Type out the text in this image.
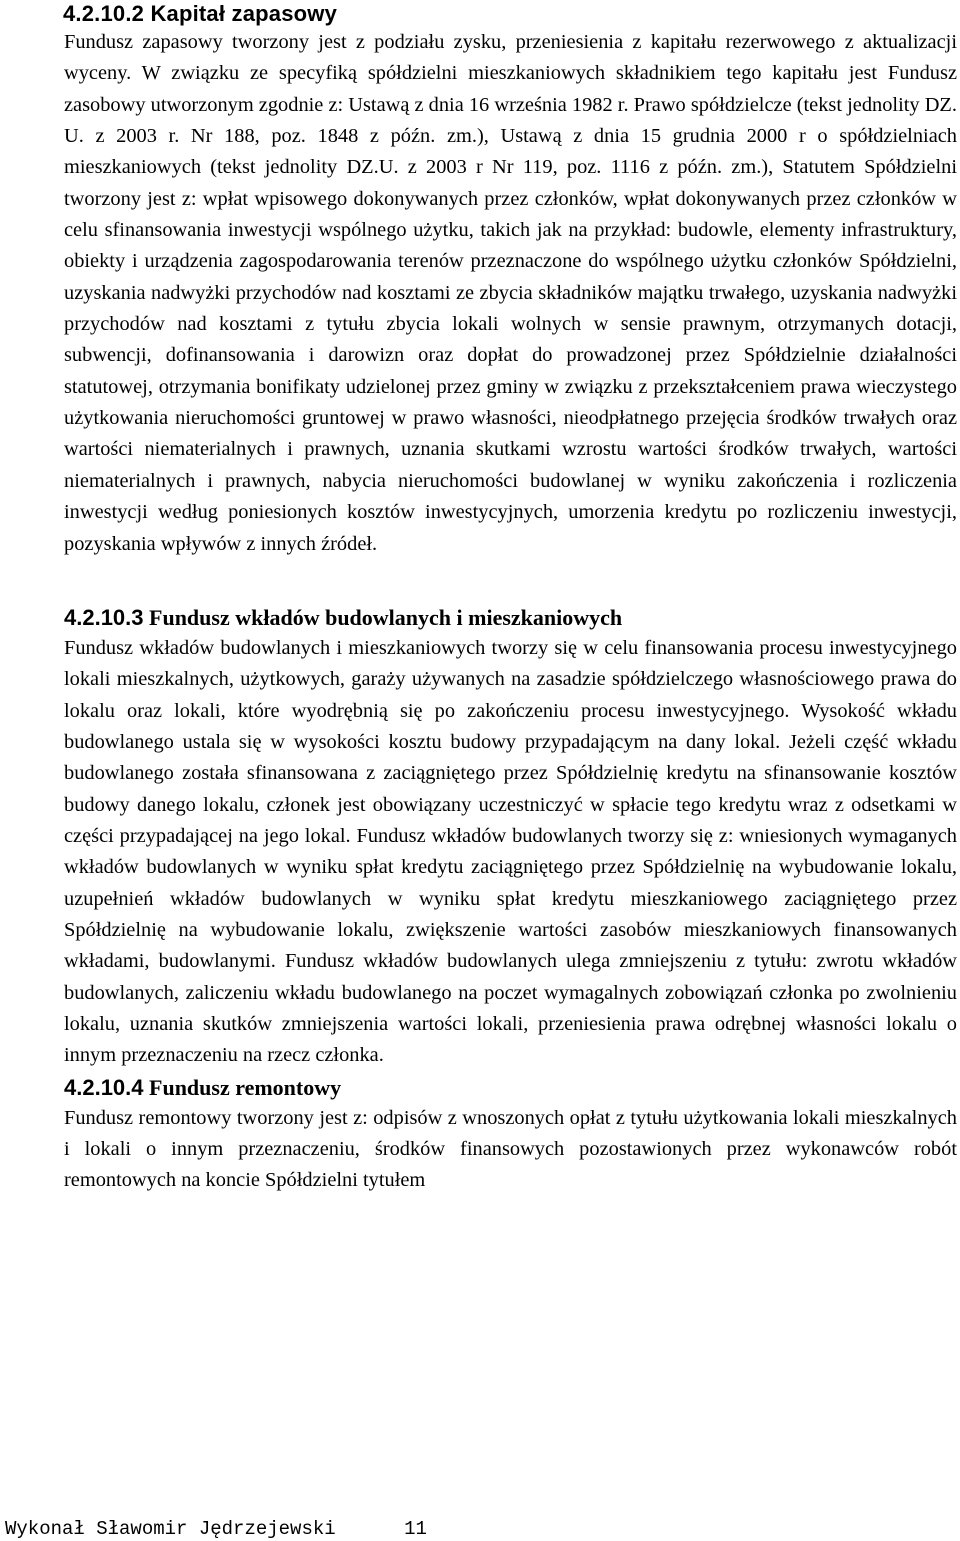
4.2.10.2 Kapitał zapasowy

Fundusz zapasowy tworzony jest z podziału zysku, przeniesienia z kapitału rezerwowego z aktualizacji wyceny. W związku ze specyfiką spółdzielni mieszkaniowych składnikiem tego kapitału jest Fundusz zasobowy utworzonym zgodnie z: Ustawą z dnia 16 września 1982 r. Prawo spółdzielcze (tekst jednolity DZ. U. z 2003 r. Nr 188, poz. 1848 z późn. zm.), Ustawą z dnia 15 grudnia 2000 r o spółdzielniach mieszkaniowych (tekst jednolity DZ.U. z 2003 r Nr 119, poz. 1116 z późn. zm.), Statutem Spółdzielni tworzony jest z: wpłat wpisowego dokonywanych przez członków, wpłat dokonywanych przez członków w celu sfinansowania inwestycji wspólnego użytku, takich jak na przykład: budowle, elementy infrastruktury, obiekty i urządzenia zagospodarowania terenów przeznaczone do wspólnego użytku członków Spółdzielni, uzyskania nadwyżki przychodów nad kosztami ze zbycia składników majątku trwałego, uzyskania nadwyżki przychodów nad kosztami z tytułu zbycia lokali wolnych w sensie prawnym, otrzymanych dotacji, subwencji, dofinansowania i darowizn oraz dopłat do prowadzonej przez Spółdzielnie działalności statutowej, otrzymania bonifikaty udzielonej przez gminy w związku z przekształceniem prawa wieczystego użytkowania nieruchomości gruntowej w prawo własności, nieodpłatnego przejęcia środków trwałych oraz wartości niematerialnych i prawnych, uznania skutkami wzrostu wartości środków trwałych, wartości niematerialnych i prawnych, nabycia nieruchomości budowlanej w wyniku zakończenia i rozliczenia inwestycji według poniesionych kosztów inwestycyjnych, umorzenia kredytu po rozliczeniu inwestycji, pozyskania wpływów z innych źródeł.

4.2.10.3 Fundusz wkładów budowlanych i mieszkaniowych

Fundusz wkładów budowlanych i mieszkaniowych tworzy się w celu finansowania procesu inwestycyjnego lokali mieszkalnych, użytkowych, garaży używanych na zasadzie spółdzielczego własnościowego prawa do lokalu oraz lokali, które wyodrębnią się po zakończeniu procesu inwestycyjnego. Wysokość wkładu budowlanego ustala się w wysokości kosztu budowy przypadającym na dany lokal. Jeżeli część wkładu budowlanego została sfinansowana z zaciągniętego przez Spółdzielnię kredytu na sfinansowanie kosztów budowy danego lokalu, członek jest obowiązany uczestniczyć w spłacie tego kredytu wraz z odsetkami w części przypadającej na jego lokal. Fundusz wkładów budowlanych tworzy się z: wniesionych wymaganych wkładów budowlanych w wyniku spłat kredytu zaciągniętego przez Spółdzielnię na wybudowanie lokalu, uzupełnień wkładów budowlanych w wyniku spłat kredytu mieszkaniowego zaciągniętego przez Spółdzielnię na wybudowanie lokalu, zwiększenie wartości zasobów mieszkaniowych finansowanych wkładami, budowlanymi. Fundusz wkładów budowlanych ulega zmniejszeniu z tytułu: zwrotu wkładów budowlanych, zaliczeniu wkładu budowlanego na poczet wymagalnych zobowiązań członka po zwolnieniu lokalu, uznania skutków zmniejszenia wartości lokali, przeniesienia prawa odrębnej własności lokalu o innym przeznaczeniu na rzecz członka.

4.2.10.4 Fundusz remontowy

Fundusz remontowy tworzony jest z: odpisów z wnoszonych opłat z tytułu użytkowania lokali mieszkalnych i lokali o innym przeznaczeniu, środków finansowych pozostawionych przez wykonawców robót remontowych na koncie Spółdzielni tytułem

Wykonał Sławomir Jędrzejewski	11
